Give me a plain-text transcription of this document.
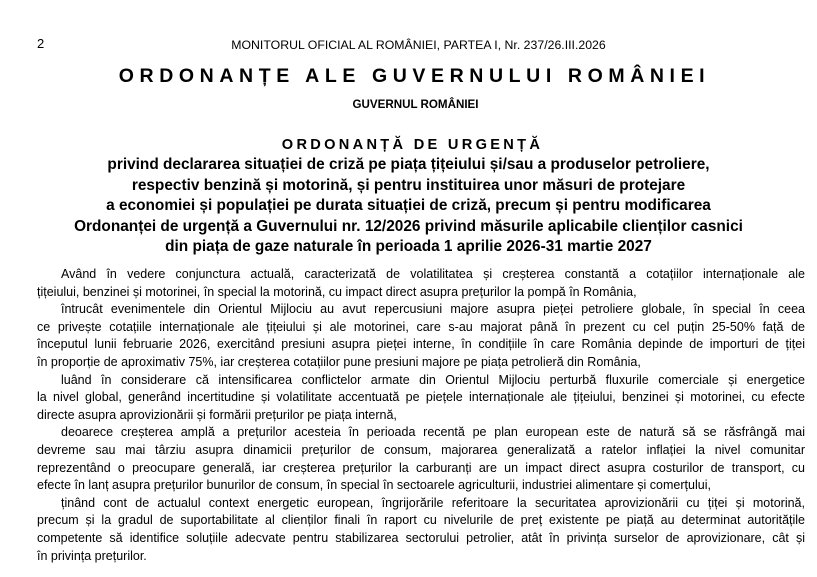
2	MONITORUL OFICIAL AL ROMÂNIEI, PARTEA I, Nr. 237/26.III.2026
ORDONANȚE ALE GUVERNULUI ROMÂNIEI
GUVERNUL ROMÂNIEI
ORDONANȚĂ DE URGENȚĂ
privind declararea situației de criză pe piața țițeiului și/sau a produselor petroliere,
respectiv benzină și motorină, și pentru instituirea unor măsuri de protejare
a economiei și populației pe durata situației de criză, precum și pentru modificarea
Ordonanței de urgență a Guvernului nr. 12/2026 privind măsurile aplicabile clienților casnici
din piața de gaze naturale în perioada 1 aprilie 2026-31 martie 2027
Având în vedere conjunctura actuală, caracterizată de volatilitatea și creșterea constantă a cotațiilor internaționale ale
țițeiului, benzinei și motorinei, în special la motorină, cu impact direct asupra prețurilor la pompă în România,
întrucât evenimentele din Orientul Mijlociu au avut repercusiuni majore asupra pieței petroliere globale, în special în ceea
ce privește cotațiile internaționale ale țițeiului și ale motorinei, care s-au majorat până în prezent cu cel puțin 25-50% față de
începutul lunii februarie 2026, exercitând presiuni asupra pieței interne, în condițiile în care România depinde de importuri de țiței
în proporție de aproximativ 75%, iar creșterea cotațiilor pune presiuni majore pe piața petrolieră din România,
luând în considerare că intensificarea conflictelor armate din Orientul Mijlociu perturbă fluxurile comerciale și energetice
la nivel global, generând incertitudine și volatilitate accentuată pe piețele internaționale ale țițeiului, benzinei și motorinei, cu efecte
directe asupra aprovizionării și formării prețurilor pe piața internă,
deoarece creșterea amplă a prețurilor acesteia în perioada recentă pe plan european este de natură să se răsfrângă mai
devreme sau mai târziu asupra dinamicii prețurilor de consum, majorarea generalizată a ratelor inflației la nivel comunitar
reprezentând o preocupare generală, iar creșterea prețurilor la carburanți are un impact direct asupra costurilor de transport, cu
efecte în lanț asupra prețurilor bunurilor de consum, în special în sectoarele agriculturii, industriei alimentare și comerțului,
ținând cont de actualul context energetic european, îngrijorările referitoare la securitatea aprovizionării cu țiței și motorină,
precum și la gradul de suportabilitate al clienților finali în raport cu nivelurile de preț existente pe piață au determinat autoritățile
competente să identifice soluțiile adecvate pentru stabilizarea sectorului petrolier, atât în privința surselor de aprovizionare, cât și
în privința prețurilor.
